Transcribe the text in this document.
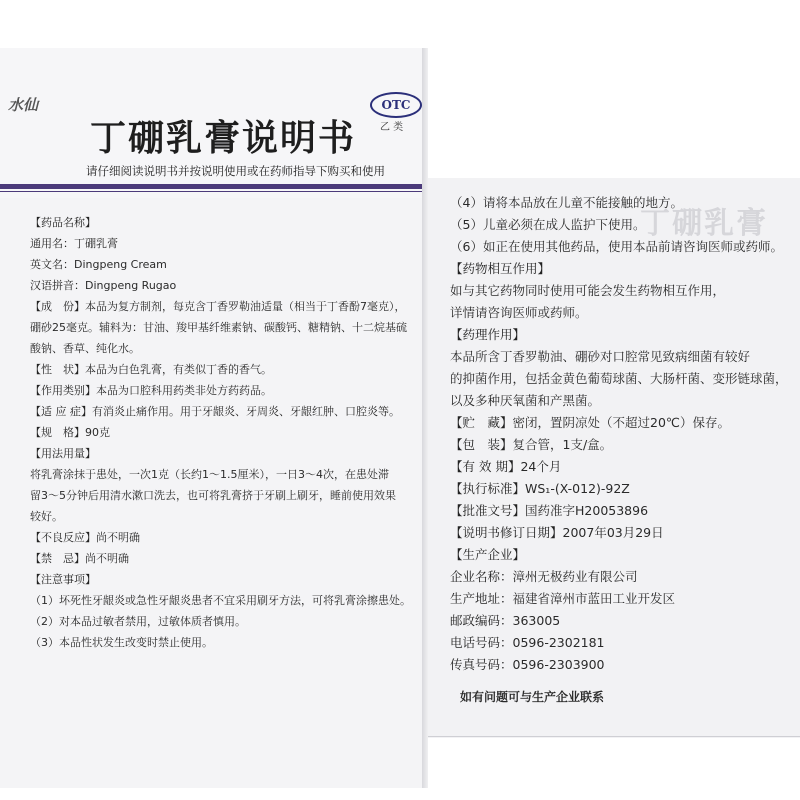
丁硼乳膏
水仙	OTC
乙 类
丁硼乳膏说明书
请仔细阅读说明书并按说明使用或在药师指导下购买和使用
【药品名称】
通用名：丁硼乳膏
英文名：Dingpeng Cream
汉语拼音：Dingpeng Rugao
【成　份】本品为复方制剂，每克含丁香罗勒油适量（相当于丁香酚7毫克），
硼砂25毫克。辅料为：甘油、羧甲基纤维素钠、碳酸钙、糖精钠、十二烷基硫
酸钠、香草、纯化水。
【性　状】本品为白色乳膏，有类似丁香的香气。
【作用类别】本品为口腔科用药类非处方药药品。
【适 应 症】有消炎止痛作用。用于牙龈炎、牙周炎、牙龈红肿、口腔炎等。
【规　格】90克
【用法用量】
将乳膏涂抹于患处，一次1克（长约1～1.5厘米），一日3～4次，在患处滞
留3～5分钟后用清水漱口洗去，也可将乳膏挤于牙刷上刷牙，睡前使用效果
较好。
【不良反应】尚不明确
【禁　忌】尚不明确
【注意事项】
（1）坏死性牙龈炎或急性牙龈炎患者不宜采用刷牙方法，可将乳膏涂擦患处。
（2）对本品过敏者禁用，过敏体质者慎用。
（3）本品性状发生改变时禁止使用。
（4）请将本品放在儿童不能接触的地方。
（5）儿童必须在成人监护下使用。
（6）如正在使用其他药品，使用本品前请咨询医师或药师。
【药物相互作用】
如与其它药物同时使用可能会发生药物相互作用，
详情请咨询医师或药师。
【药理作用】
本品所含丁香罗勒油、硼砂对口腔常见致病细菌有较好
的抑菌作用，包括金黄色葡萄球菌、大肠杆菌、变形链球菌，
以及多种厌氧菌和产黑菌。
【贮　藏】密闭，置阴凉处（不超过20℃）保存。
【包　装】复合管，1支/盒。
【有 效 期】24个月
【执行标准】WS₁-(X-012)-92Z
【批准文号】国药准字H20053896
【说明书修订日期】2007年03月29日
【生产企业】
企业名称：漳州无极药业有限公司
生产地址：福建省漳州市蓝田工业开发区
邮政编码：363005
电话号码：0596-2302181
传真号码：0596-2303900
如有问题可与生产企业联系
